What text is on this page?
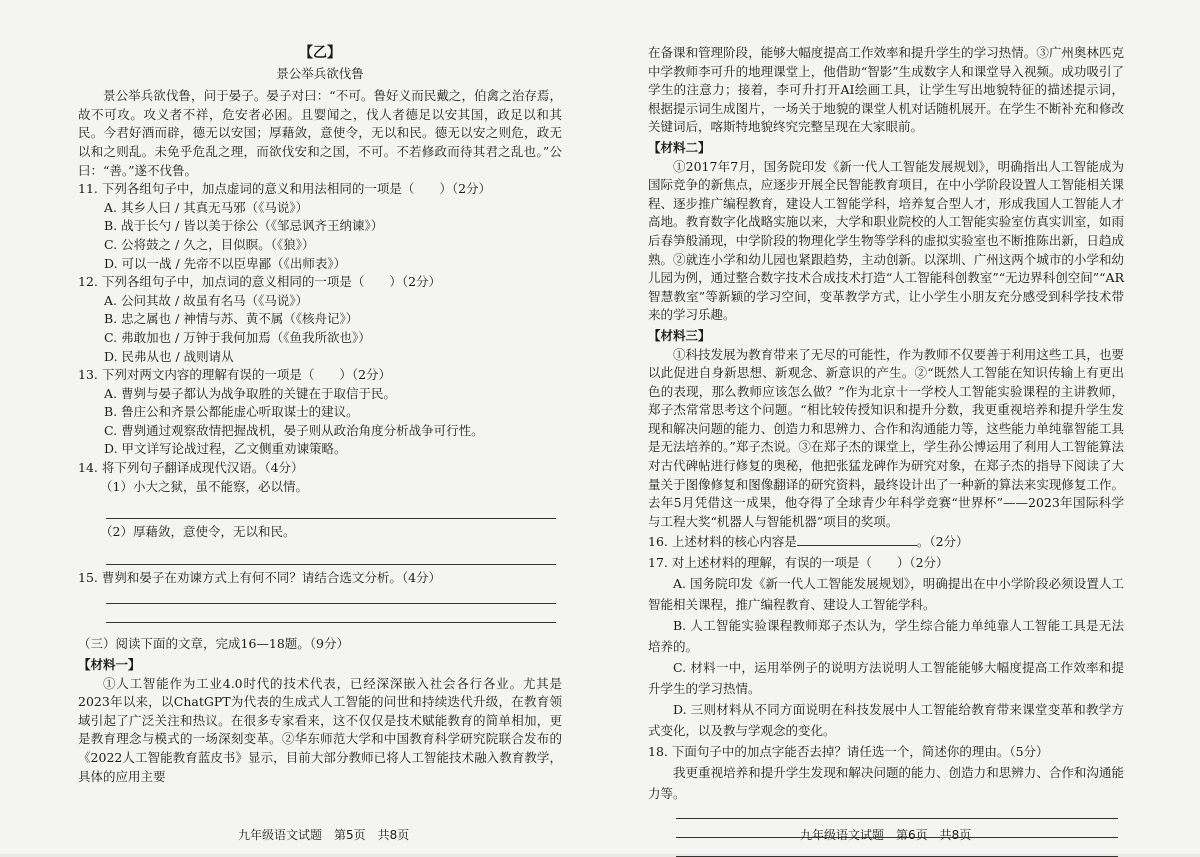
【乙】
景公举兵欲伐鲁

景公举兵欲伐鲁，问于晏子。晏子对曰：“不可。鲁好义而民戴之，伯禽之治存焉，故不可攻。攻义者不祥，危安者必困。且婴闻之，伐人者德足以安其国，政足以和其民。今君好酒而辟，德无以安国；厚藉敛，意使令，无以和民。德无以安之则危，政无以和之则乱。未免乎危乱之理，而欲伐安和之国，不可。不若修政而待其君之乱也。”公曰：“善。”遂不伐鲁。

11. 下列各组句子中，加点虚词的意义和用法相同的一项是（　　）（2分）

A. 其乡人曰 / 其真无马邪（《马说》）

B. 战于长勺 / 皆以美于徐公（《邹忌讽齐王纳谏》）

C. 公将鼓之 / 久之，目似瞑。（《狼》）

D. 可以一战 / 先帝不以臣卑鄙（《出师表》）

12. 下列各组句子中，加点词的意义相同的一项是（　　）（2分）

A. 公问其故 / 故虽有名马（《马说》）

B. 忠之属也 / 神情与苏、黄不属（《核舟记》）

C. 弗敢加也 / 万钟于我何加焉（《鱼我所欲也》）

D. 民弗从也 / 战则请从

13. 下列对两文内容的理解有误的一项是（　　）（2分）

A. 曹刿与晏子都认为战争取胜的关键在于取信于民。

B. 鲁庄公和齐景公都能虚心听取谋士的建议。

C. 曹刿通过观察敌情把握战机，晏子则从政治角度分析战争可行性。

D. 甲文详写论战过程，乙文侧重劝谏策略。

14. 将下列句子翻译成现代汉语。（4分）

（1）小大之狱，虽不能察，必以情。

（2）厚藉敛，意使令，无以和民。

15. 曹刿和晏子在劝谏方式上有何不同？请结合选文分析。（4分）

（三）阅读下面的文章，完成16—18题。（9分）

【材料一】

①人工智能作为工业4.0时代的技术代表，已经深深嵌入社会各行各业。尤其是2023年以来，以ChatGPT为代表的生成式人工智能的问世和持续迭代升级，在教育领域引起了广泛关注和热议。在很多专家看来，这不仅仅是技术赋能教育的简单相加，更是教育理念与模式的一场深刻变革。②华东师范大学和中国教育科学研究院联合发布的《2022人工智能教育蓝皮书》显示，目前大部分教师已将人工智能技术融入教育教学，具体的应用主要

九年级语文试题　第5页　共8页

在备课和管理阶段，能够大幅度提高工作效率和提升学生的学习热情。③广州奥林匹克中学教师李可升的地理课堂上，他借助“智影”生成数字人和课堂导入视频。成功吸引了学生的注意力；接着，李可升打开AI绘画工具，让学生写出地貌特征的描述提示词，根据提示词生成图片，一场关于地貌的课堂人机对话随机展开。在学生不断补充和修改关键词后，喀斯特地貌终究完整呈现在大家眼前。

【材料二】

①2017年7月，国务院印发《新一代人工智能发展规划》，明确指出人工智能成为国际竞争的新焦点，应逐步开展全民智能教育项目，在中小学阶段设置人工智能相关课程、逐步推广编程教育，建设人工智能学科，培养复合型人才，形成我国人工智能人才高地。教育数字化战略实施以来，大学和职业院校的人工智能实验室仿真实训室，如雨后春笋般涌现，中学阶段的物理化学生物等学科的虚拟实验室也不断推陈出新，日趋成熟。②就连小学和幼儿园也紧跟趋势，主动创新。以深圳、广州这两个城市的小学和幼儿园为例，通过整合数字技术合成技术打造“人工智能科创教室”“无边界科创空间”“AR智慧教室”等新颖的学习空间，变革教学方式，让小学生小朋友充分感受到科学技术带来的学习乐趣。

【材料三】

①科技发展为教育带来了无尽的可能性，作为教师不仅要善于利用这些工具，也要以此促进自身新思想、新观念、新意识的产生。②“既然人工智能在知识传输上有更出色的表现，那么教师应该怎么做？”作为北京十一学校人工智能实验课程的主讲教师，郑子杰常常思考这个问题。“相比较传授知识和提升分数，我更重视培养和提升学生发现和解决问题的能力、创造力和思辨力、合作和沟通能力等，这些能力单纯靠智能工具是无法培养的。”郑子杰说。③在郑子杰的课堂上，学生孙公博运用了利用人工智能算法对古代碑帖进行修复的奥秘，他把张猛龙碑作为研究对象，在郑子杰的指导下阅读了大量关于图像修复和图像翻译的研究资料，最终设计出了一种新的算法来实现修复工作。去年5月凭借这一成果，他夺得了全球青少年科学竞赛“世界杯”——2023年国际科学与工程大奖“机器人与智能机器”项目的奖项。

16. 上述材料的核心内容是	。（2分）

17. 对上述材料的理解，有误的一项是（　　）（2分）

A. 国务院印发《新一代人工智能发展规划》，明确提出在中小学阶段必须设置人工智能相关课程，推广编程教育、建设人工智能学科。

B. 人工智能实验课程教师郑子杰认为，学生综合能力单纯靠人工智能工具是无法培养的。

C. 材料一中，运用举例子的说明方法说明人工智能能够大幅度提高工作效率和提升学生的学习热情。

D. 三则材料从不同方面说明在科技发展中人工智能给教育带来课堂变革和教学方式变化，以及教与学观念的变化。

18. 下面句子中的加点字能否去掉？请任选一个，简述你的理由。（5分）

我更重视培养和提升学生发现和解决问题的能力、创造力和思辨力、合作和沟通能力等。

九年级语文试题　第6页　共8页
